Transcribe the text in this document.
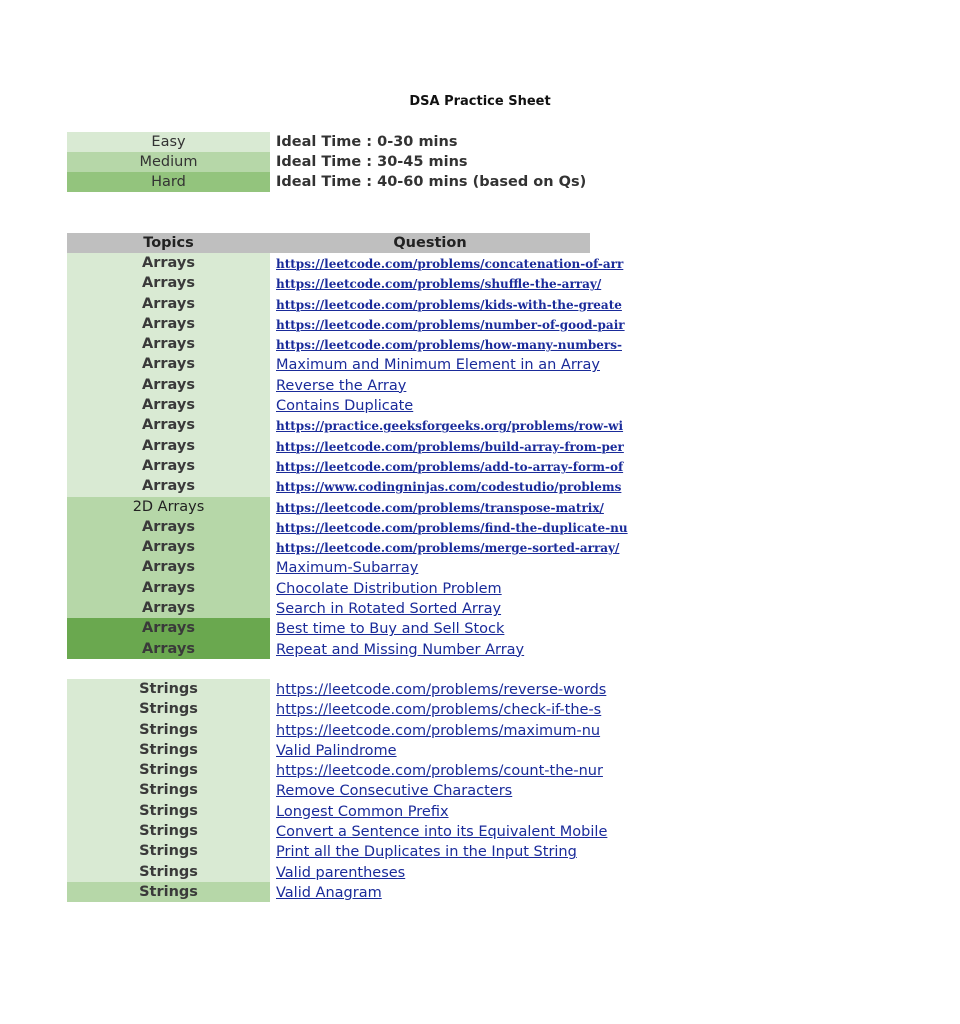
DSA Practice Sheet
Easy	Ideal Time : 0-30 mins
Medium	Ideal Time : 30-45 mins
Hard	Ideal Time : 40-60 mins (based on Qs)
Topics	Question
Arrays	https://leetcode.com/problems/concatenation-of-arr
Arrays	https://leetcode.com/problems/shuffle-the-array/
Arrays	https://leetcode.com/problems/kids-with-the-greate
Arrays	https://leetcode.com/problems/number-of-good-pair
Arrays	https://leetcode.com/problems/how-many-numbers-
Arrays	Maximum and Minimum Element in an Array
Arrays	Reverse the Array
Arrays	Contains Duplicate
Arrays	https://practice.geeksforgeeks.org/problems/row-wi
Arrays	https://leetcode.com/problems/build-array-from-per
Arrays	https://leetcode.com/problems/add-to-array-form-of
Arrays	https://www.codingninjas.com/codestudio/problems
2D Arrays	https://leetcode.com/problems/transpose-matrix/
Arrays	https://leetcode.com/problems/find-the-duplicate-nu
Arrays	https://leetcode.com/problems/merge-sorted-array/
Arrays	Maximum-Subarray
Arrays	Chocolate Distribution Problem
Arrays	Search in Rotated Sorted Array
Arrays	Best time to Buy and Sell Stock
Arrays	Repeat and Missing Number Array
Strings	https://leetcode.com/problems/reverse-words
Strings	https://leetcode.com/problems/check-if-the-s
Strings	https://leetcode.com/problems/maximum-nu
Strings	Valid Palindrome
Strings	https://leetcode.com/problems/count-the-nur
Strings	Remove Consecutive Characters
Strings	Longest Common Prefix
Strings	Convert a Sentence into its Equivalent Mobile
Strings	Print all the Duplicates in the Input String
Strings	Valid parentheses
Strings	Valid Anagram
